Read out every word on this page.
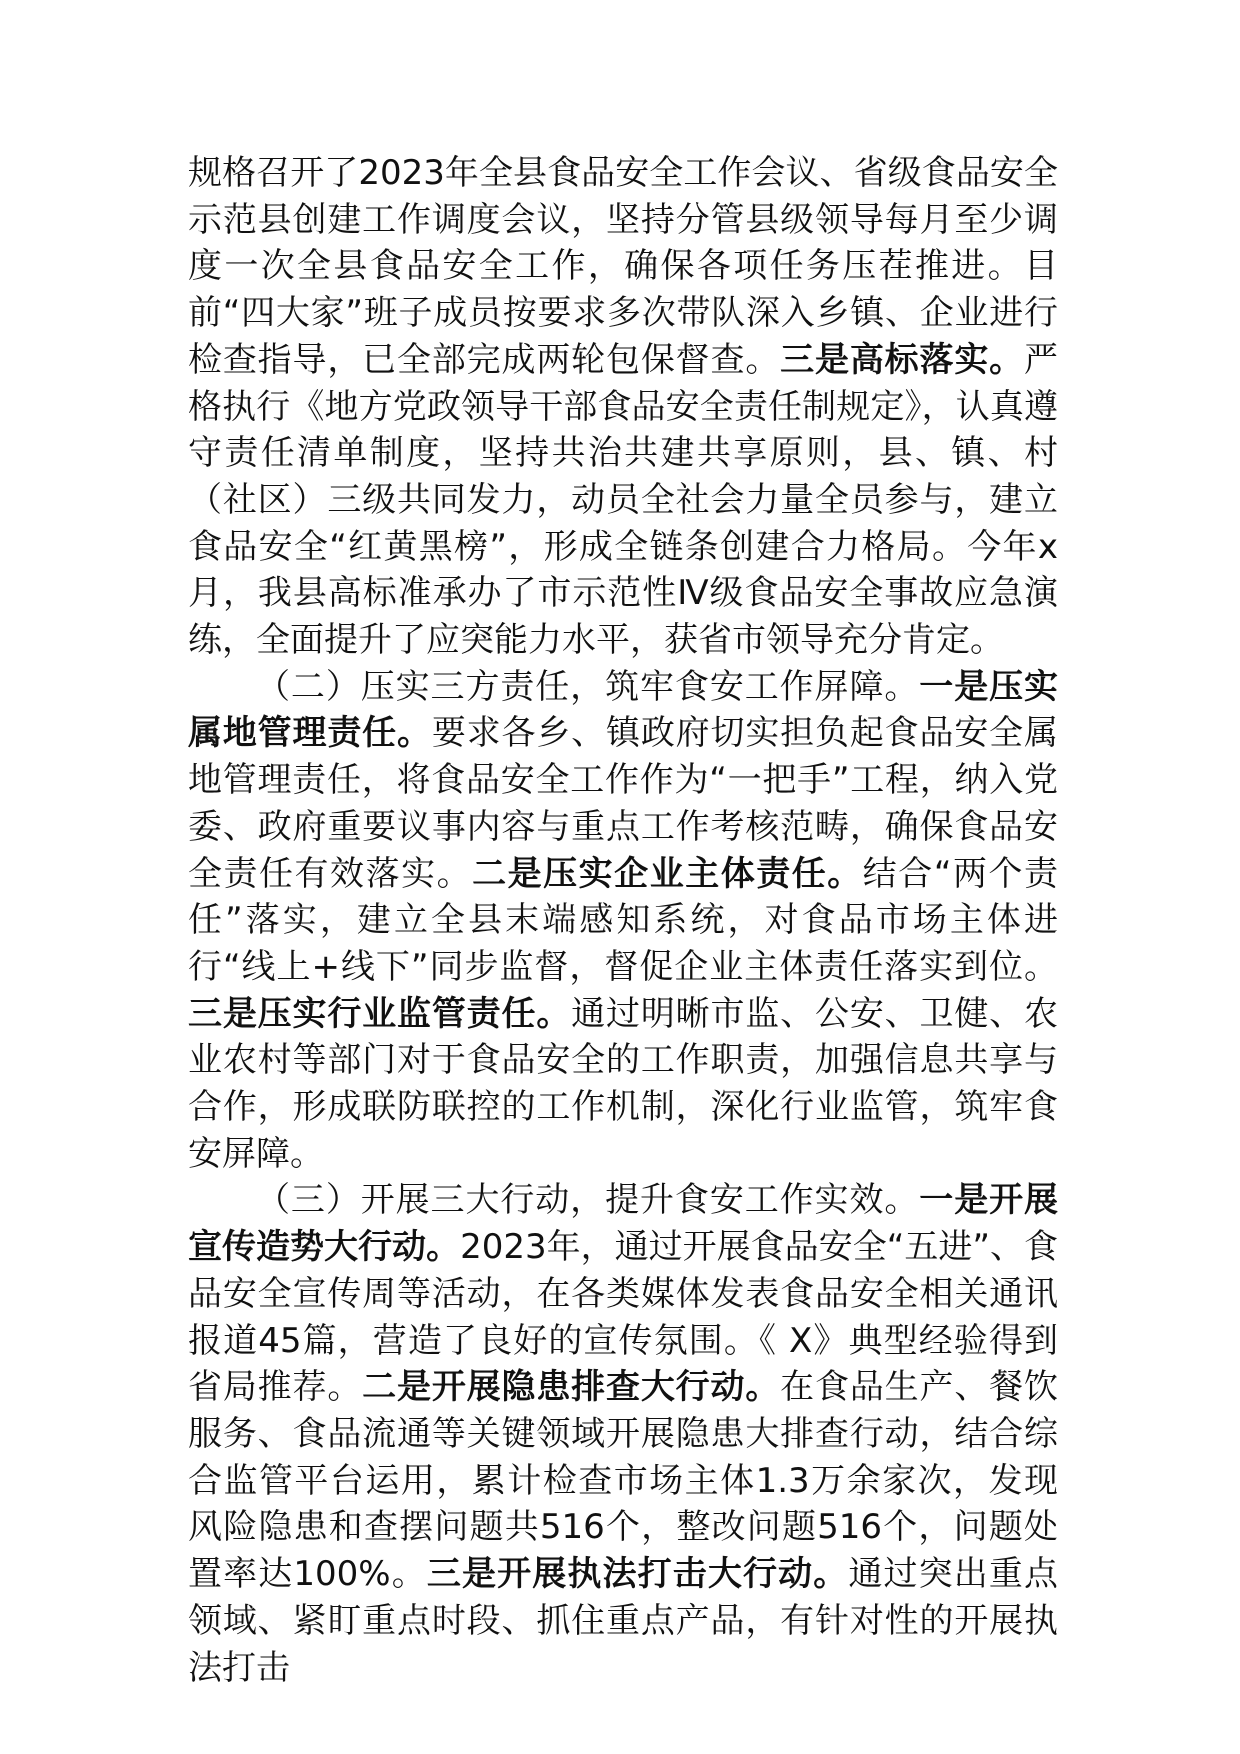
规格召开了2023年全县食品安全工作会议、省级食品安全示范县创建工作调度会议，坚持分管县级领导每月至少调度一次全县食品安全工作，确保各项任务压茬推进。目前“四大家”班子成员按要求多次带队深入乡镇、企业进行检查指导，已全部完成两轮包保督查。三是高标落实。严格执行《地方党政领导干部食品安全责任制规定》，认真遵守责任清单制度，坚持共治共建共享原则，县、镇、村（社区）三级共同发力，动员全社会力量全员参与，建立食品安全“红黄黑榜”，形成全链条创建合力格局。今年x月，我县高标准承办了市示范性Ⅳ级食品安全事故应急演练，全面提升了应突能力水平，获省市领导充分肯定。

（二）压实三方责任，筑牢食安工作屏障。一是压实属地管理责任。要求各乡、镇政府切实担负起食品安全属地管理责任，将食品安全工作作为“一把手”工程，纳入党委、政府重要议事内容与重点工作考核范畴，确保食品安全责任有效落实。二是压实企业主体责任。结合“两个责任”落实，建立全县末端感知系统，对食品市场主体进行“线上+线下”同步监督，督促企业主体责任落实到位。三是压实行业监管责任。通过明晰市监、公安、卫健、农业农村等部门对于食品安全的工作职责，加强信息共享与合作，形成联防联控的工作机制，深化行业监管，筑牢食安屏障。

（三）开展三大行动，提升食安工作实效。一是开展宣传造势大行动。2023年，通过开展食品安全“五进”、食品安全宣传周等活动，在各类媒体发表食品安全相关通讯报道45篇，营造了良好的宣传氛围。《 X》典型经验得到省局推荐。二是开展隐患排查大行动。在食品生产、餐饮服务、食品流通等关键领域开展隐患大排查行动，结合综合监管平台运用，累计检查市场主体1.3万余家次，发现风险隐患和查摆问题共516个，整改问题516个，问题处置率达100%。三是开展执法打击大行动。通过突出重点领域、紧盯重点时段、抓住重点产品，有针对性的开展执法打击
